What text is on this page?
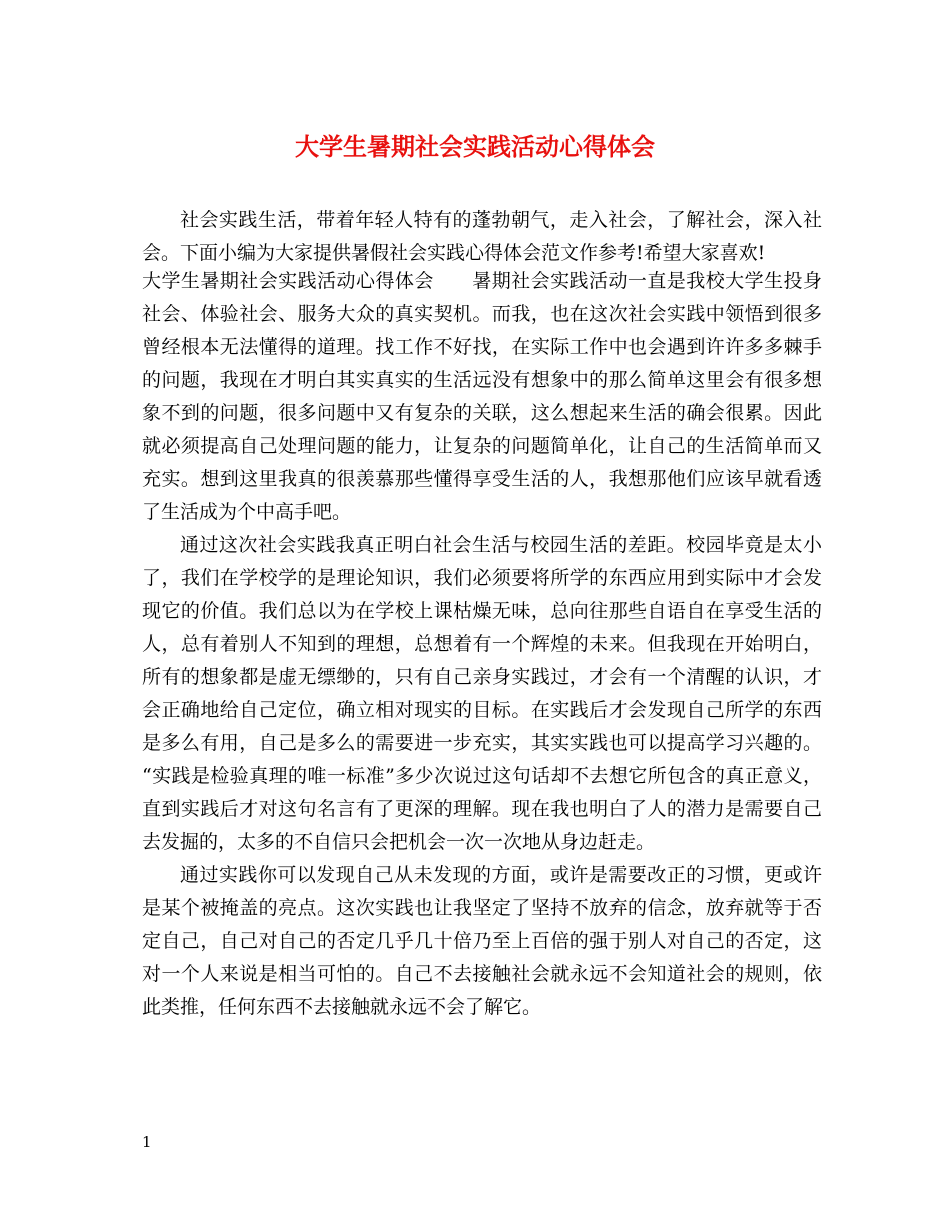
大学生暑期社会实践活动心得体会
社会实践生活，带着年轻人特有的蓬勃朝气，走入社会，了解社会，深入社
会。下面小编为大家提供暑假社会实践心得体会范文作参考!希望大家喜欢!
大学生暑期社会实践活动心得体会 暑期社会实践活动一直是我校大学生投身
社会、体验社会、服务大众的真实契机。而我，也在这次社会实践中领悟到很多
曾经根本无法懂得的道理。找工作不好找，在实际工作中也会遇到许许多多棘手
的问题，我现在才明白其实真实的生活远没有想象中的那么简单这里会有很多想
象不到的问题，很多问题中又有复杂的关联，这么想起来生活的确会很累。因此
就必须提高自己处理问题的能力，让复杂的问题简单化，让自己的生活简单而又
充实。想到这里我真的很羡慕那些懂得享受生活的人，我想那他们应该早就看透
了生活成为个中高手吧。
通过这次社会实践我真正明白社会生活与校园生活的差距。校园毕竟是太小
了，我们在学校学的是理论知识，我们必须要将所学的东西应用到实际中才会发
现它的价值。我们总以为在学校上课枯燥无味，总向往那些自语自在享受生活的
人，总有着别人不知到的理想，总想着有一个辉煌的未来。但我现在开始明白，
所有的想象都是虚无缥缈的，只有自己亲身实践过，才会有一个清醒的认识，才
会正确地给自己定位，确立相对现实的目标。在实践后才会发现自己所学的东西
是多么有用，自己是多么的需要进一步充实，其实实践也可以提高学习兴趣的。
“实践是检验真理的唯一标准”多少次说过这句话却不去想它所包含的真正意义，
直到实践后才对这句名言有了更深的理解。现在我也明白了人的潜力是需要自己
去发掘的，太多的不自信只会把机会一次一次地从身边赶走。
通过实践你可以发现自己从未发现的方面，或许是需要改正的习惯，更或许
是某个被掩盖的亮点。这次实践也让我坚定了坚持不放弃的信念，放弃就等于否
定自己，自己对自己的否定几乎几十倍乃至上百倍的强于别人对自己的否定，这
对一个人来说是相当可怕的。自己不去接触社会就永远不会知道社会的规则，依
此类推，任何东西不去接触就永远不会了解它。
1
